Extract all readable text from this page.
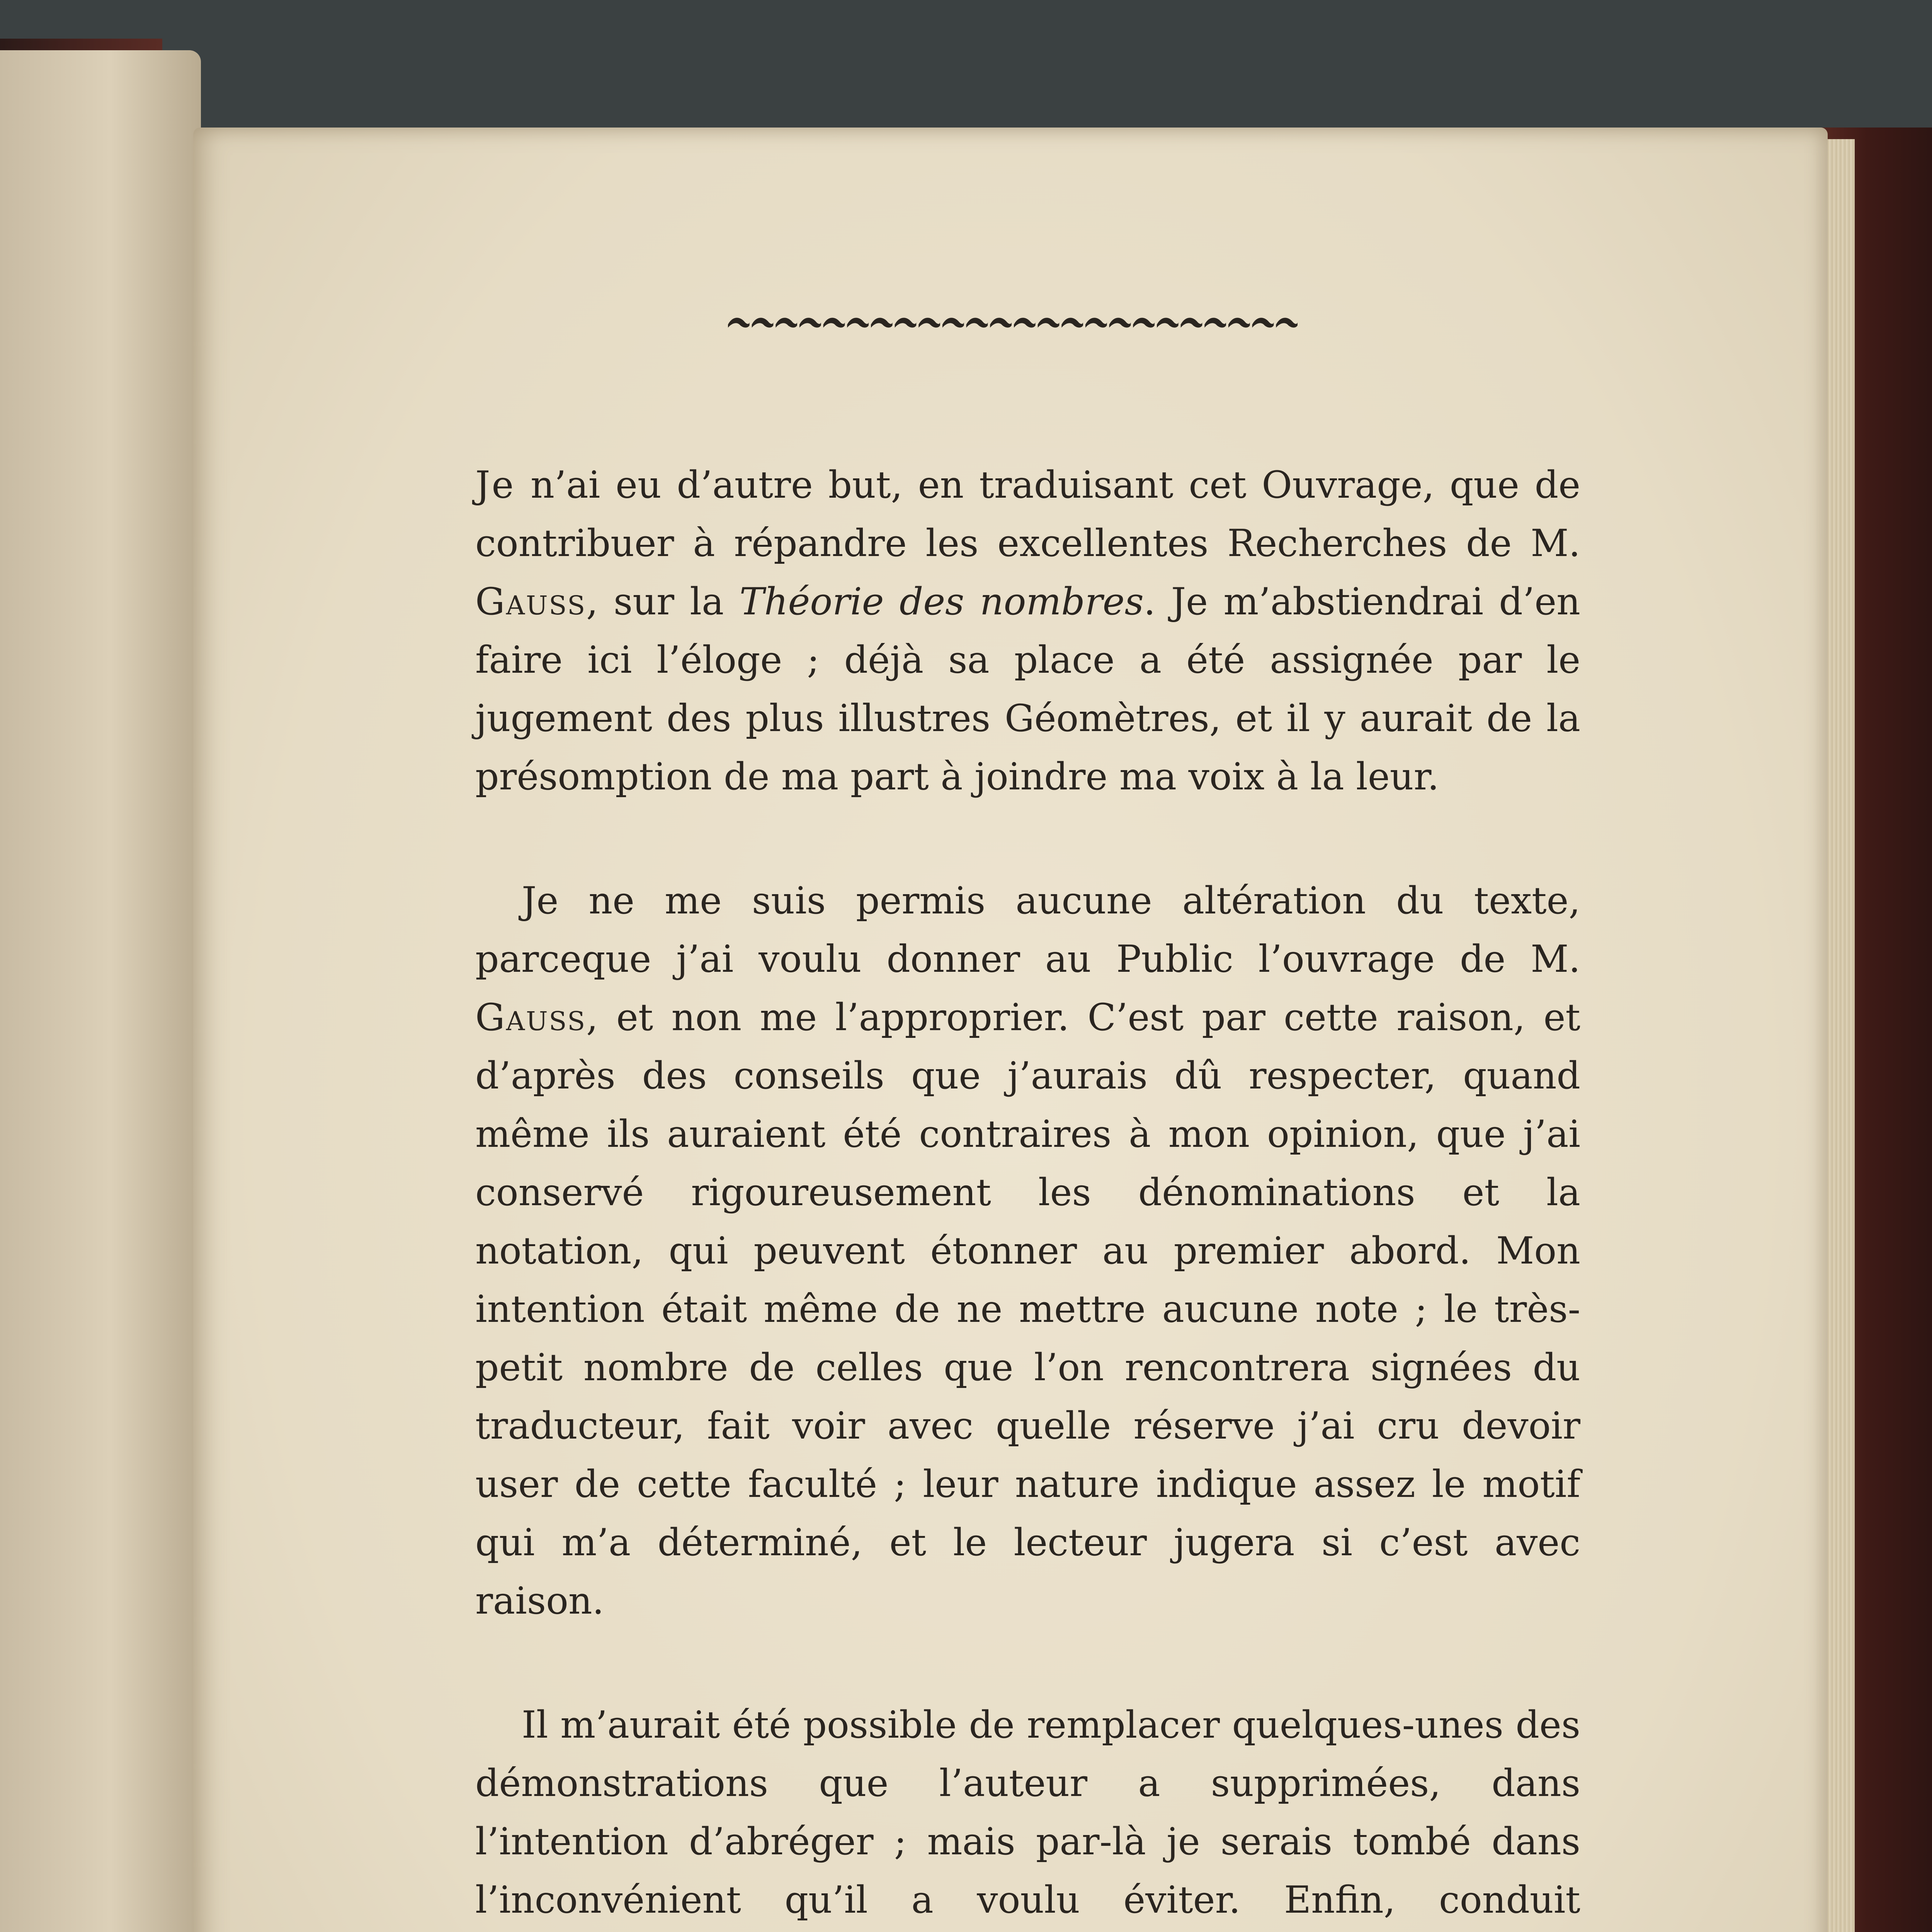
Je n’ai eu d’autre but, en traduisant cet Ouvrage, que de contribuer à répandre les excellentes Recherches de M. Gauss, sur la Théorie des nombres. Je m’abstiendrai d’en faire ici l’éloge ; déjà sa place a été assignée par le jugement des plus illustres Géomètres, et il y aurait de la présomption de ma part à joindre ma voix à la leur.

Je ne me suis permis aucune altération du texte, parceque j’ai voulu donner au Public l’ouvrage de M. Gauss, et non me l’approprier. C’est par cette raison, et d’après des conseils que j’aurais dû respecter, quand même ils auraient été contraires à mon opinion, que j’ai conservé rigoureusement les dénominations et la notation, qui peuvent étonner au premier abord. Mon intention était même de ne mettre aucune note ; le très-petit nombre de celles que l’on rencontrera signées du traducteur, fait voir avec quelle réserve j’ai cru devoir user de cette faculté ; leur nature indique assez le motif qui m’a déterminé, et le lecteur jugera si c’est avec raison.

Il m’aurait été possible de remplacer quelques-unes des démonstrations que l’auteur a supprimées, dans l’intention d’abréger ; mais par-là je serais tombé dans l’inconvénient qu’il a voulu éviter. Enfin, conduit
